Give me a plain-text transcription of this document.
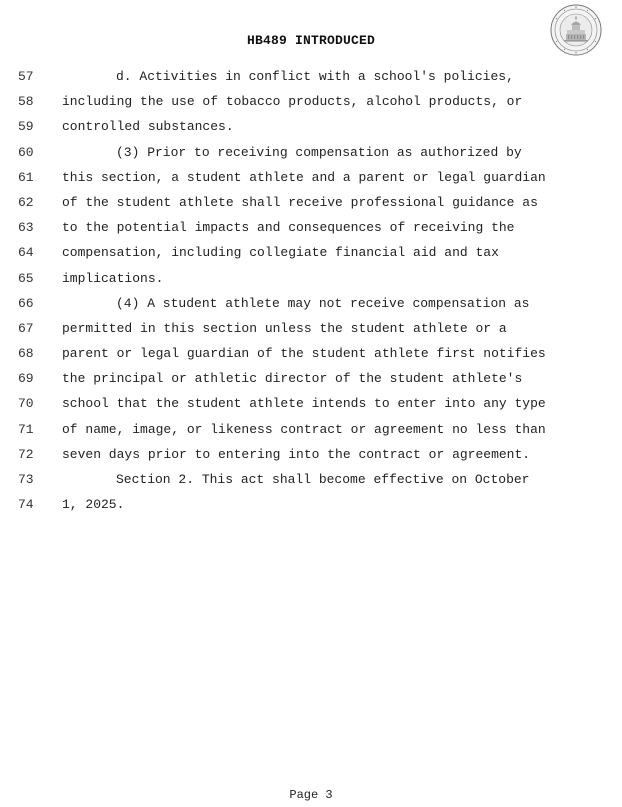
HB489 INTRODUCED
57	d. Activities in conflict with a school's policies,
58	including the use of tobacco products, alcohol products, or
59	controlled substances.
60	(3) Prior to receiving compensation as authorized by
61	this section, a student athlete and a parent or legal guardian
62	of the student athlete shall receive professional guidance as
63	to the potential impacts and consequences of receiving the
64	compensation, including collegiate financial aid and tax
65	implications.
66	(4) A student athlete may not receive compensation as
67	permitted in this section unless the student athlete or a
68	parent or legal guardian of the student athlete first notifies
69	the principal or athletic director of the student athlete's
70	school that the student athlete intends to enter into any type
71	of name, image, or likeness contract or agreement no less than
72	seven days prior to entering into the contract or agreement.
73	Section 2. This act shall become effective on October
74	1, 2025.
Page 3
